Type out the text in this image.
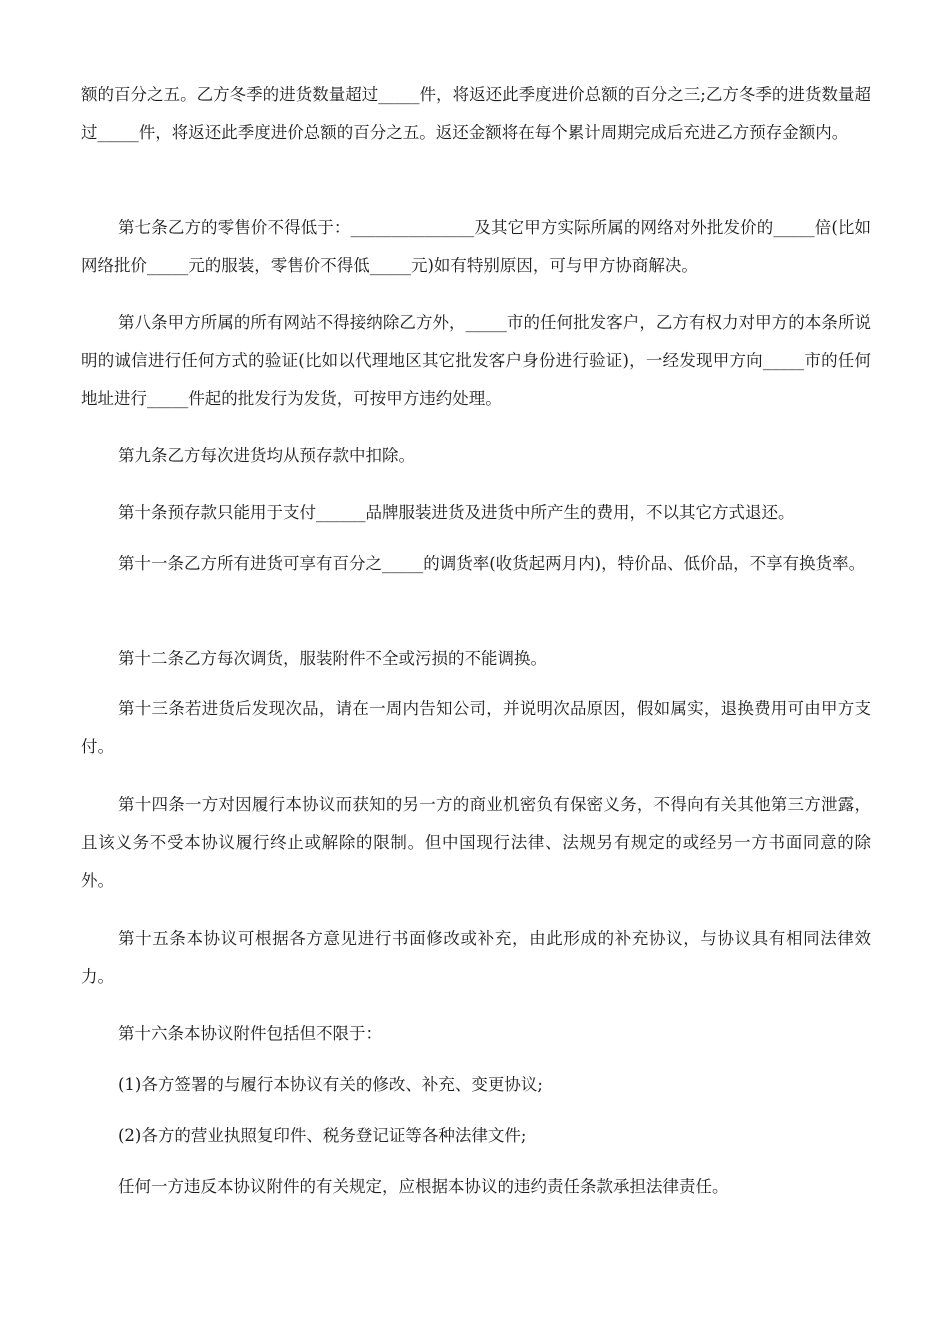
额的百分之五。乙方冬季的进货数量超过_____件，将返还此季度进价总额的百分之三;乙方冬季的进货数量超过_____件，将返还此季度进价总额的百分之五。返还金额将在每个累计周期完成后充进乙方预存金额内。

第七条乙方的零售价不得低于：_______________及其它甲方实际所属的网络对外批发价的_____倍(比如网络批价_____元的服装，零售价不得低_____元)如有特别原因，可与甲方协商解决。

第八条甲方所属的所有网站不得接纳除乙方外，_____市的任何批发客户，乙方有权力对甲方的本条所说明的诚信进行任何方式的验证(比如以代理地区其它批发客户身份进行验证)，一经发现甲方向_____市的任何地址进行_____件起的批发行为发货，可按甲方违约处理。

第九条乙方每次进货均从预存款中扣除。

第十条预存款只能用于支付______品牌服装进货及进货中所产生的费用，不以其它方式退还。

第十一条乙方所有进货可享有百分之_____的调货率(收货起两月内)，特价品、低价品，不享有换货率。

第十二条乙方每次调货，服装附件不全或污损的不能调换。

第十三条若进货后发现次品，请在一周内告知公司，并说明次品原因，假如属实，退换费用可由甲方支付。

第十四条一方对因履行本协议而获知的另一方的商业机密负有保密义务，不得向有关其他第三方泄露，且该义务不受本协议履行终止或解除的限制。但中国现行法律、法规另有规定的或经另一方书面同意的除外。

第十五条本协议可根据各方意见进行书面修改或补充，由此形成的补充协议，与协议具有相同法律效力。

第十六条本协议附件包括但不限于：

(1)各方签署的与履行本协议有关的修改、补充、变更协议;

(2)各方的营业执照复印件、税务登记证等各种法律文件;

任何一方违反本协议附件的有关规定，应根据本协议的违约责任条款承担法律责任。
